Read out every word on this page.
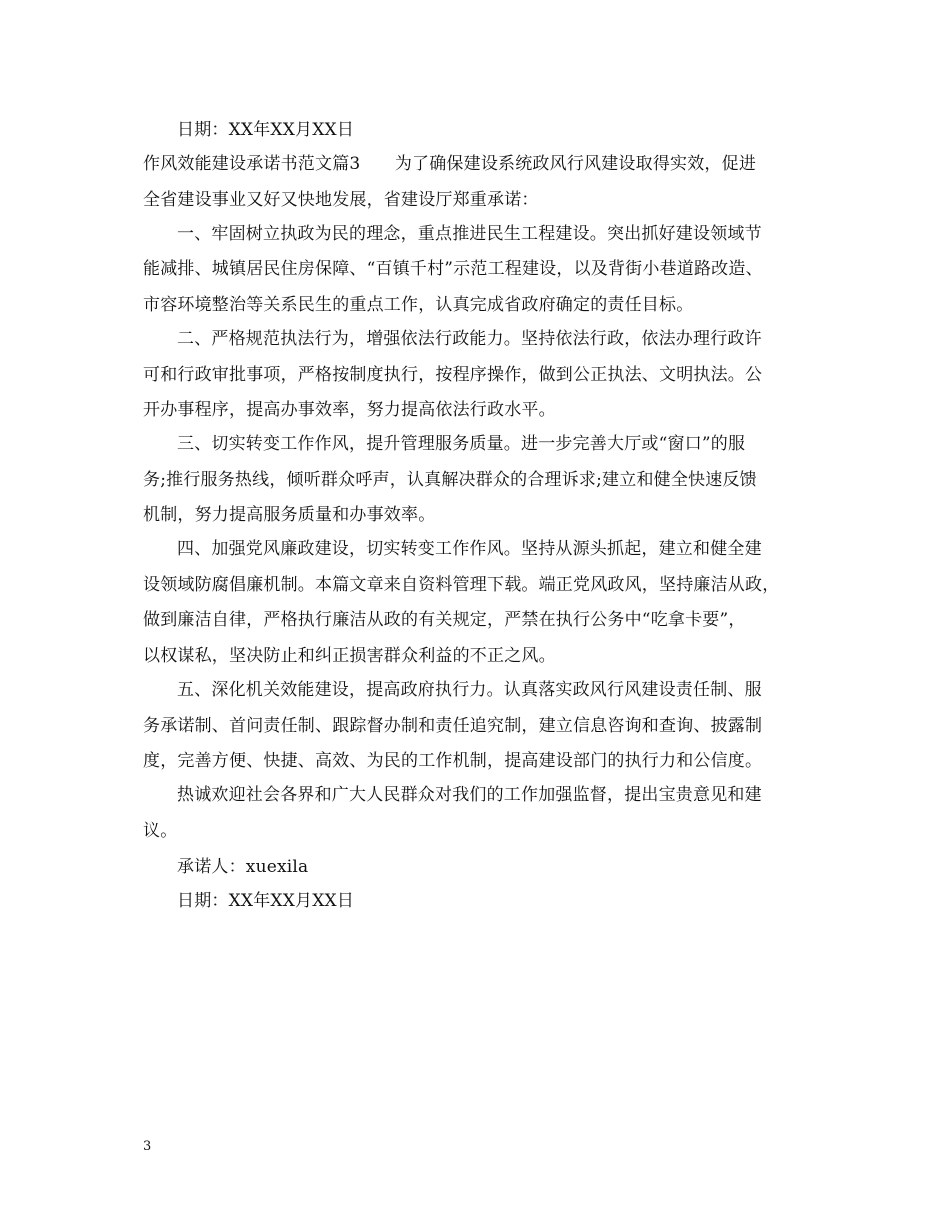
日期：XX年XX月XX日
作风效能建设承诺书范文篇3　　为了确保建设系统政风行风建设取得实效，促进
全省建设事业又好又快地发展，省建设厅郑重承诺：
一、牢固树立执政为民的理念，重点推进民生工程建设。突出抓好建设领域节
能减排、城镇居民住房保障、“百镇千村”示范工程建设，以及背街小巷道路改造、
市容环境整治等关系民生的重点工作，认真完成省政府确定的责任目标。
二、严格规范执法行为，增强依法行政能力。坚持依法行政，依法办理行政许
可和行政审批事项，严格按制度执行，按程序操作，做到公正执法、文明执法。公
开办事程序，提高办事效率，努力提高依法行政水平。
三、切实转变工作作风，提升管理服务质量。进一步完善大厅或“窗口”的服
务;推行服务热线，倾听群众呼声，认真解决群众的合理诉求;建立和健全快速反馈
机制，努力提高服务质量和办事效率。
四、加强党风廉政建设，切实转变工作作风。坚持从源头抓起，建立和健全建
设领域防腐倡廉机制。本篇文章来自资料管理下载。端正党风政风，坚持廉洁从政，
做到廉洁自律，严格执行廉洁从政的有关规定，严禁在执行公务中“吃拿卡要”，
以权谋私，坚决防止和纠正损害群众利益的不正之风。
五、深化机关效能建设，提高政府执行力。认真落实政风行风建设责任制、服
务承诺制、首问责任制、跟踪督办制和责任追究制，建立信息咨询和查询、披露制
度，完善方便、快捷、高效、为民的工作机制，提高建设部门的执行力和公信度。
热诚欢迎社会各界和广大人民群众对我们的工作加强监督，提出宝贵意见和建
议。
承诺人：xuexila
日期：XX年XX月XX日
3
